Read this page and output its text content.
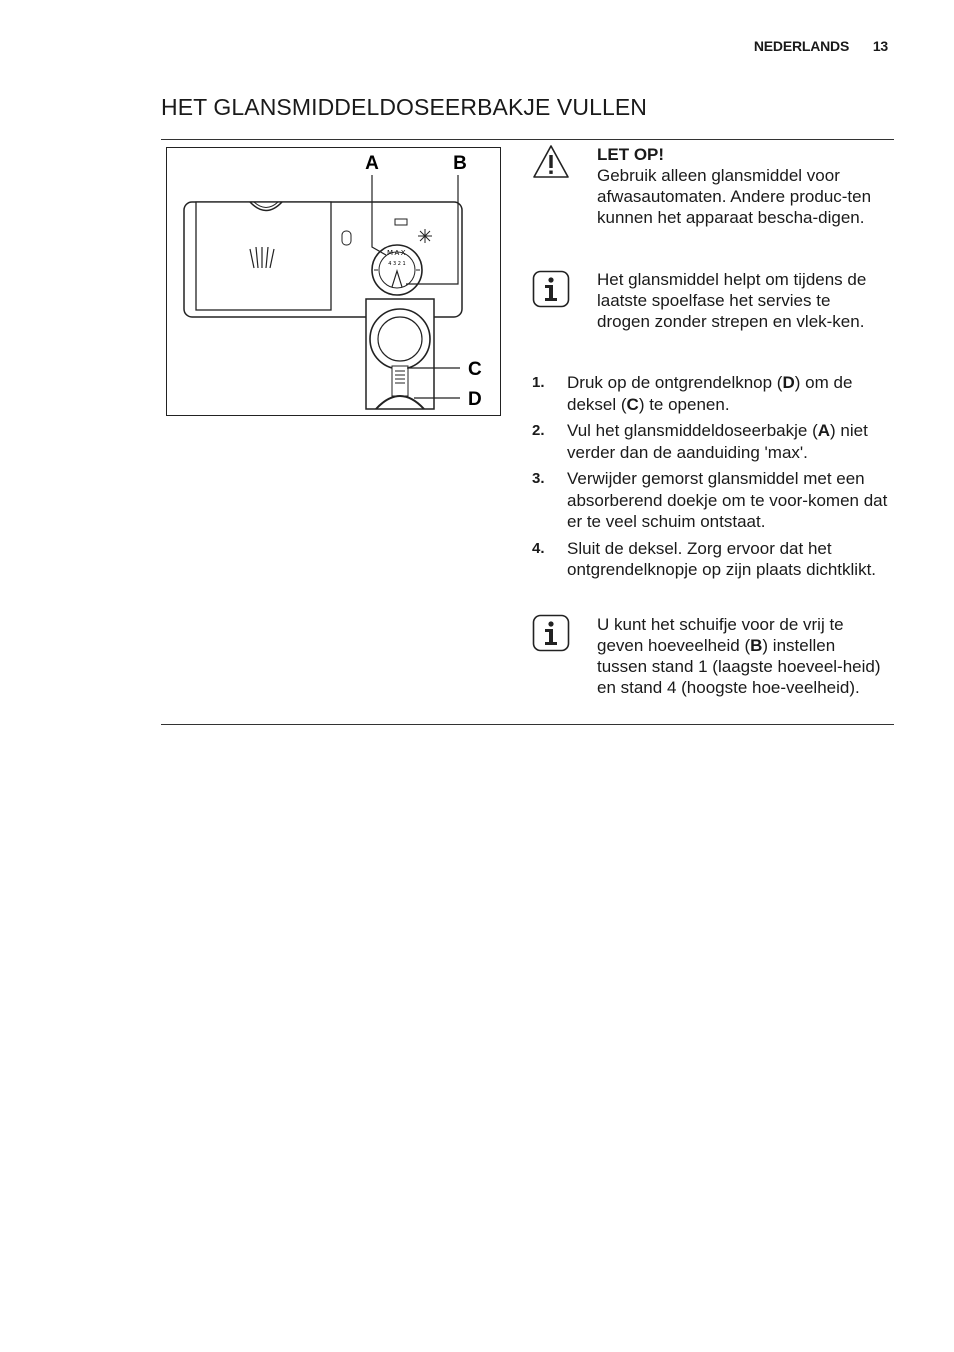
NEDERLANDS 13
HET GLANSMIDDELDOSEERBAKJE VULLEN
MAX
4 3 2 1
A	B
C
D
LET OP!
Gebruik alleen glansmiddel voor afwasautomaten. Andere produc-ten kunnen het apparaat bescha-digen.
Het glansmiddel helpt om tijdens de laatste spoelfase het servies te drogen zonder strepen en vlek-ken.
1. Druk op de ontgrendelknop (D) om de deksel (C) te openen.
2. Vul het glansmiddeldoseerbakje (A) niet verder dan de aanduiding 'max'.
3. Verwijder gemorst glansmiddel met een absorberend doekje om te voor-komen dat er te veel schuim ontstaat.
4. Sluit de deksel. Zorg ervoor dat het ontgrendelknopje op zijn plaats dichtklikt.
U kunt het schuifje voor de vrij te geven hoeveelheid (B) instellen tussen stand 1 (laagste hoeveel-heid) en stand 4 (hoogste hoe-veelheid).
